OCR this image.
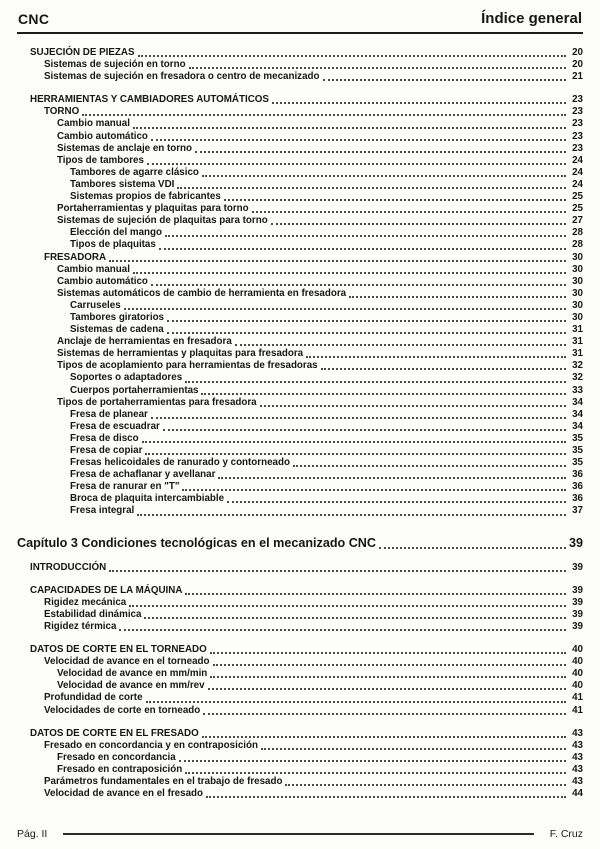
CNC	Índice general
SUJECIÓN DE PIEZAS	20
Sistemas de sujeción en torno	20
Sistemas de sujeción en fresadora o centro de mecanizado	21
HERRAMIENTAS Y CAMBIADORES AUTOMÁTICOS	23
TORNO	23
Cambio manual	23
Cambio automático	23
Sistemas de anclaje en torno	23
Tipos de tambores	24
Tambores de agarre clásico	24
Tambores sistema VDI	24
Sistemas propios de fabricantes	25
Portaherramientas y plaquitas para torno	25
Sistemas de sujeción de plaquitas para torno	27
Elección del mango	28
Tipos de plaquitas	28
FRESADORA	30
Cambio manual	30
Cambio automático	30
Sistemas automáticos de cambio de herramienta en fresadora	30
Carruseles	30
Tambores giratorios	30
Sistemas de cadena	31
Anclaje de herramientas en fresadora	31
Sistemas de herramientas y plaquitas para fresadora	31
Tipos de acoplamiento para herramientas de fresadoras	32
Soportes o adaptadores	32
Cuerpos portaherramientas	33
Tipos de portaherramientas para fresadora	34
Fresa de planear	34
Fresa de escuadrar	34
Fresa de disco	35
Fresa de copiar	35
Fresas helicoidales de ranurado y contorneado	35
Fresa de achaflanar y avellanar	36
Fresa de ranurar en "T"	36
Broca de plaquita intercambiable	36
Fresa integral	37
Capítulo 3 Condiciones tecnológicas en el mecanizado CNC	39
INTRODUCCIÓN	39
CAPACIDADES DE LA MÁQUINA	39
Rigidez mecánica	39
Estabilidad dinámica	39
Rigidez térmica	39
DATOS DE CORTE EN EL TORNEADO	40
Velocidad de avance en el torneado	40
Velocidad de avance en mm/min	40
Velocidad de avance en mm/rev	40
Profundidad de corte	41
Velocidades de corte en torneado	41
DATOS DE CORTE EN EL FRESADO	43
Fresado en concordancia y en contraposición	43
Fresado en concordancia	43
Fresado en contraposición	43
Parámetros fundamentales en el trabajo de fresado	43
Velocidad de avance en el fresado	44
Pág. II	F. Cruz
